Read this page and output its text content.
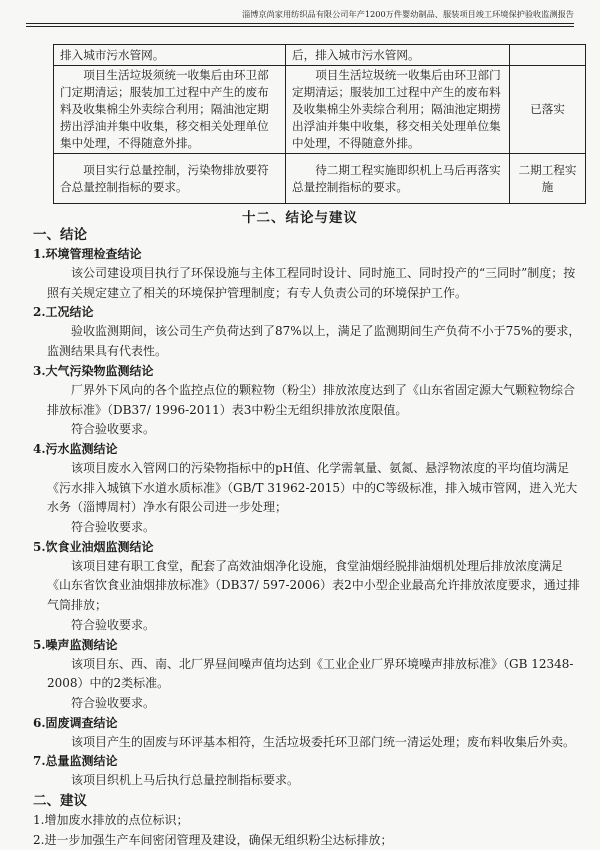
淄博京尚家用纺织品有限公司年产1200万件婴幼制品、服装项目竣工环境保护验收监测报告
排入城市污水管网。	后，排入城市污水管网。	
项目生活垃圾须统一收集后由环卫部门定期清运；服装加工过程中产生的废布料及收集棉尘外卖综合利用；隔油池定期捞出浮油并集中收集，移交相关处理单位集中处理，不得随意外排。	项目生活垃圾统一收集后由环卫部门定期清运；服装加工过程中产生的废布料及收集棉尘外卖综合利用；隔油池定期捞出浮油并集中收集，移交相关处理单位集中处理，不得随意外排。	已落实
项目实行总量控制，污染物排放要符合总量控制指标的要求。	待二期工程实施即织机上马后再落实总量控制指标的要求。	二期工程实施
十二、结论与建议

一、结论

1.环境管理检查结论

该公司建设项目执行了环保设施与主体工程同时设计、同时施工、同时投产的“三同时”制度；按照有关规定建立了相关的环境保护管理制度；有专人负责公司的环境保护工作。

2.工况结论

验收监测期间，该公司生产负荷达到了87%以上，满足了监测期间生产负荷不小于75%的要求，监测结果具有代表性。

3.大气污染物监测结论

厂界外下风向的各个监控点位的颗粒物（粉尘）排放浓度达到了《山东省固定源大气颗粒物综合排放标准》（DB37/ 1996-2011）表3中粉尘无组织排放浓度限值。

符合验收要求。

4.污水监测结论

该项目废水入管网口的污染物指标中的pH值、化学需氧量、氨氮、悬浮物浓度的平均值均满足《污水排入城镇下水道水质标准》（GB/T 31962-2015）中的C等级标准，排入城市管网，进入光大水务（淄博周村）净水有限公司进一步处理；

符合验收要求。

5.饮食业油烟监测结论

该项目建有职工食堂，配套了高效油烟净化设施，食堂油烟经脱排油烟机处理后排放浓度满足《山东省饮食业油烟排放标准》（DB37/ 597-2006）表2中小型企业最高允许排放浓度要求，通过排气筒排放；

符合验收要求。

5.噪声监测结论

该项目东、西、南、北厂界昼间噪声值均达到《工业企业厂界环境噪声排放标准》（GB 12348-2008）中的2类标准。

符合验收要求。

6.固废调查结论

该项目产生的固废与环评基本相符，生活垃圾委托环卫部门统一清运处理；废布料收集后外卖。

7.总量监测结论

该项目织机上马后执行总量控制指标要求。

二、建议

1.增加废水排放的点位标识；

2.进一步加强生产车间密闭管理及建设，确保无组织粉尘达标排放；
